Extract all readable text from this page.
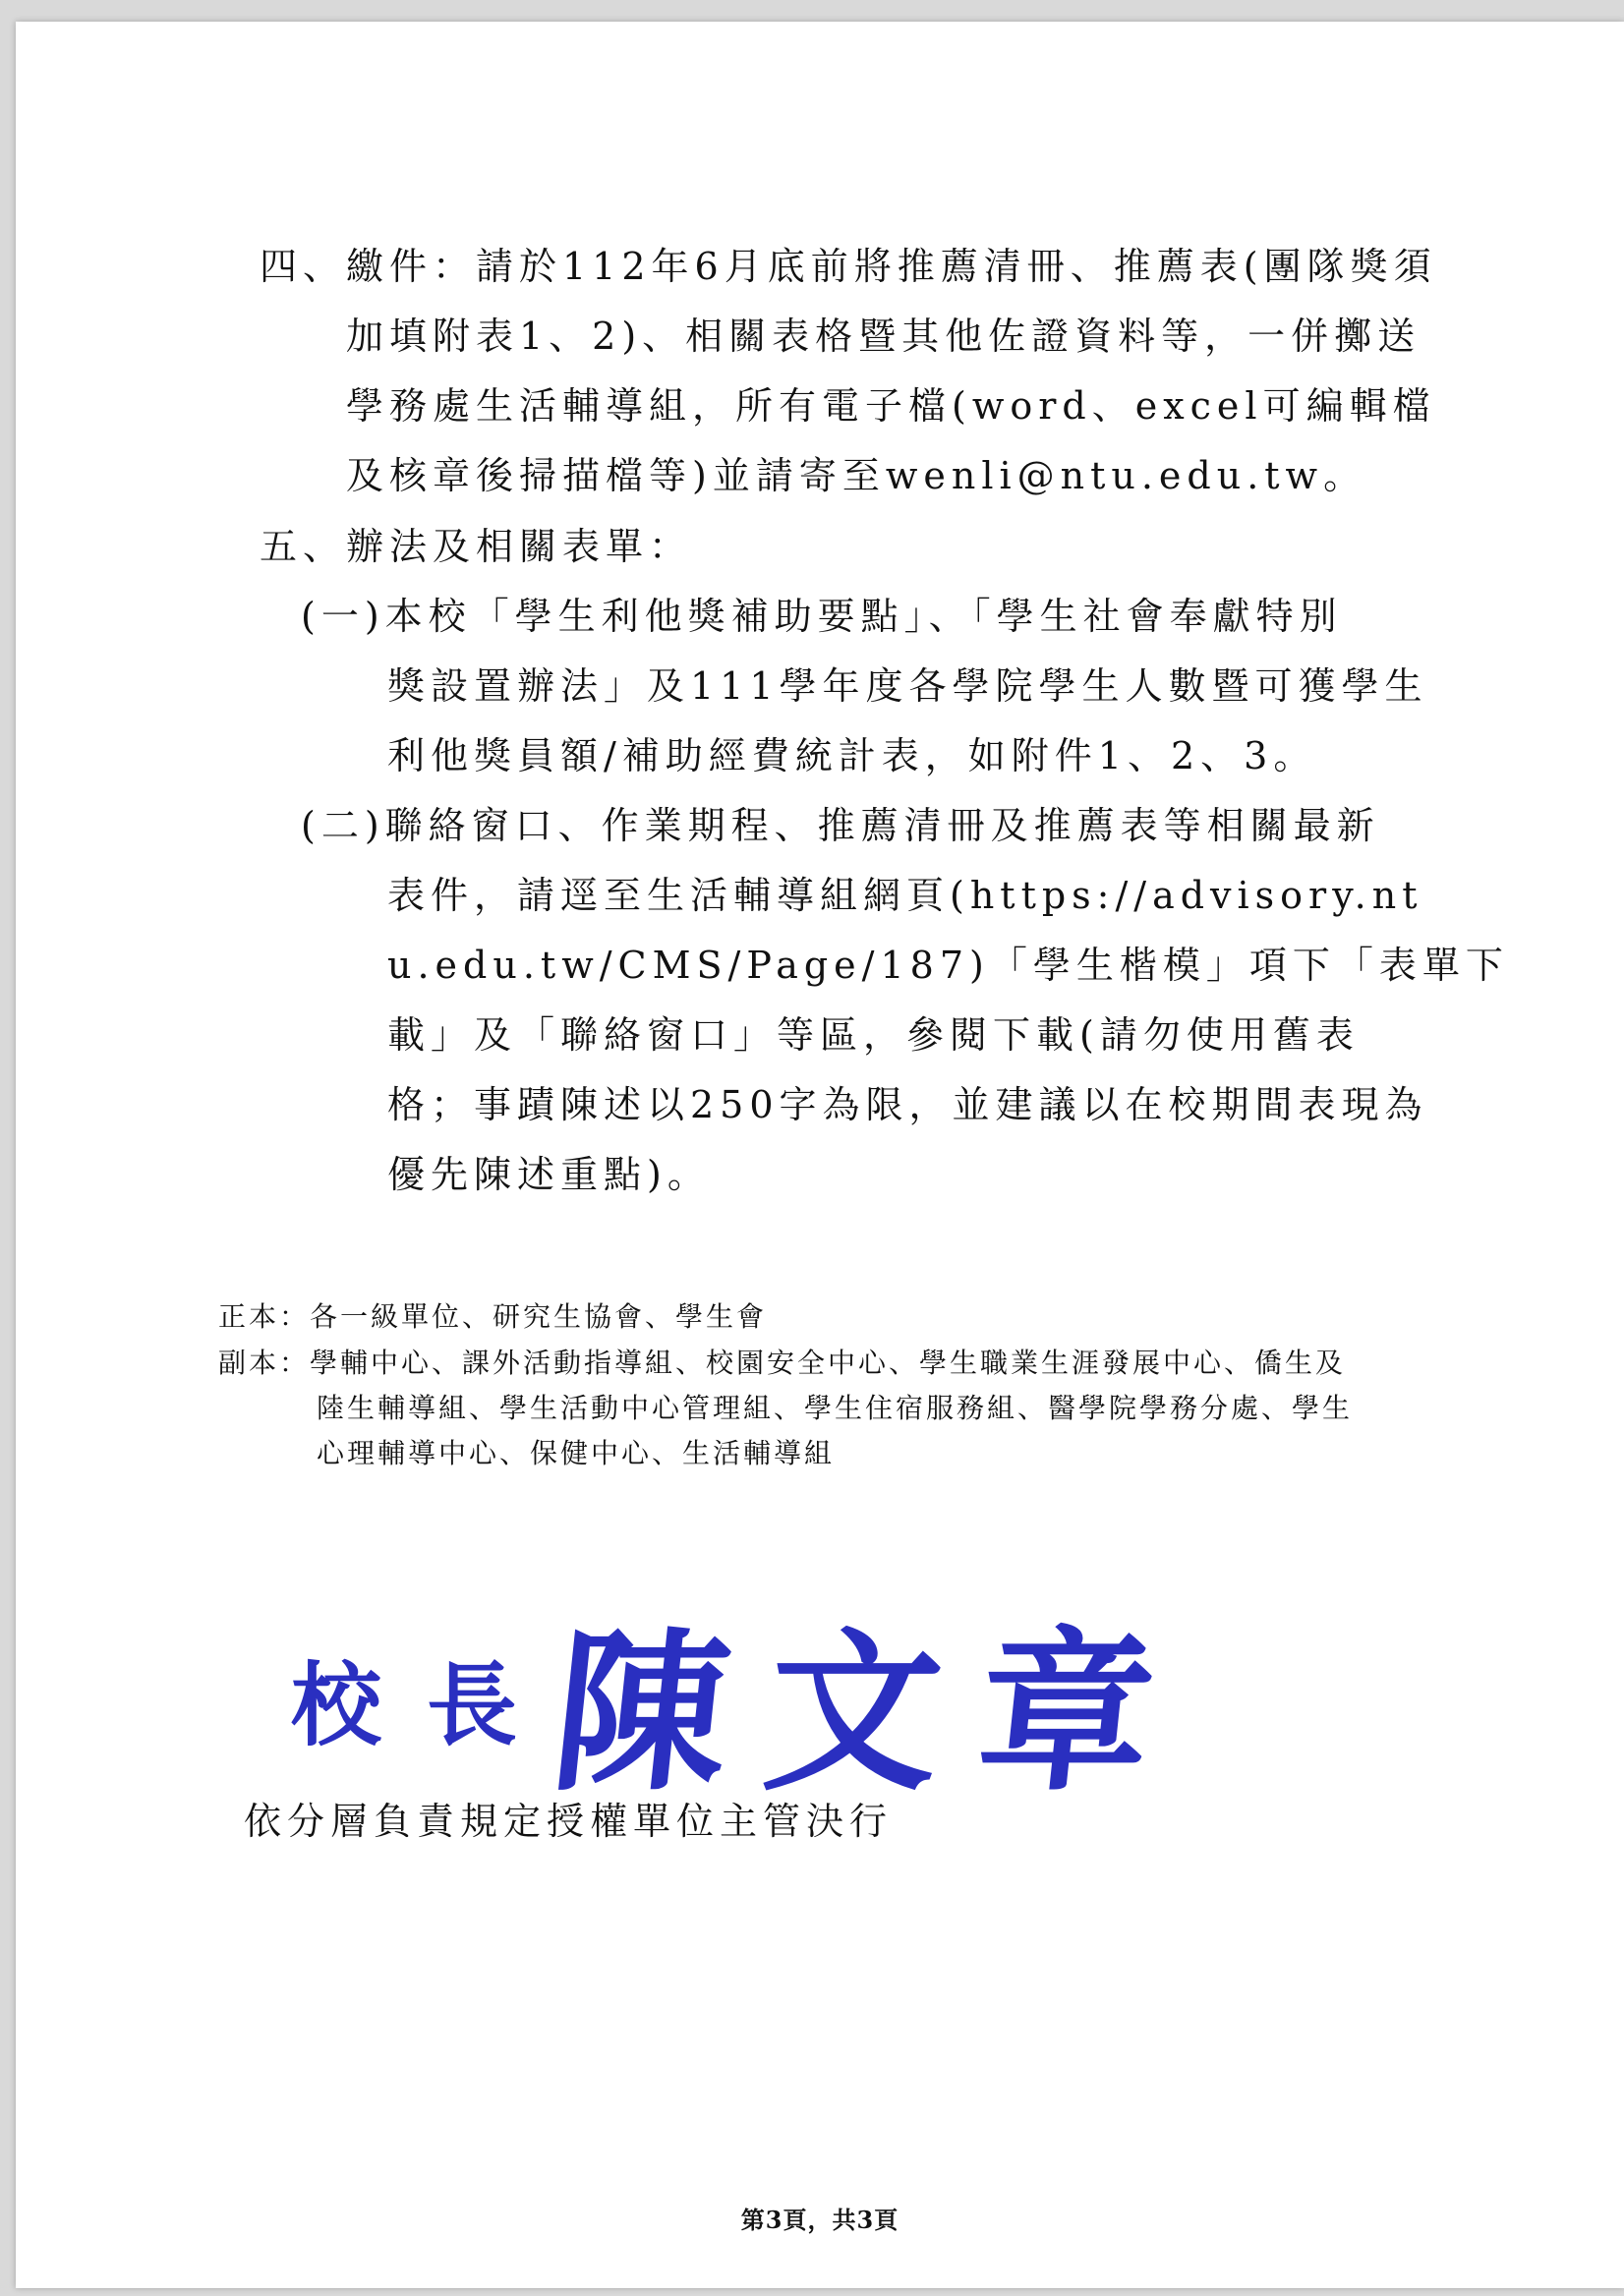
四、繳件：請於112年6月底前將推薦清冊、推薦表(團隊獎須
加填附表1、2)、相關表格暨其他佐證資料等，一併擲送
學務處生活輔導組，所有電子檔(word、excel可編輯檔
及核章後掃描檔等)並請寄至wenli@ntu.edu.tw。
五、辦法及相關表單：
(一)本校「學生利他獎補助要點」、「學生社會奉獻特別
獎設置辦法」及111學年度各學院學生人數暨可獲學生
利他獎員額/補助經費統計表，如附件1、2、3。
(二)聯絡窗口、作業期程、推薦清冊及推薦表等相關最新
表件，請逕至生活輔導組網頁(https://advisory.nt
u.edu.tw/CMS/Page/187)「學生楷模」項下「表單下
載」及「聯絡窗口」等區，參閱下載(請勿使用舊表
格；事蹟陳述以250字為限，並建議以在校期間表現為
優先陳述重點)。
正本：各一級單位、研究生協會、學生會
副本：學輔中心、課外活動指導組、校園安全中心、學生職業生涯發展中心、僑生及
陸生輔導組、學生活動中心管理組、學生住宿服務組、醫學院學務分處、學生
心理輔導中心、保健中心、生活輔導組
校長
陳文章
依分層負責規定授權單位主管決行
第3頁，共3頁
